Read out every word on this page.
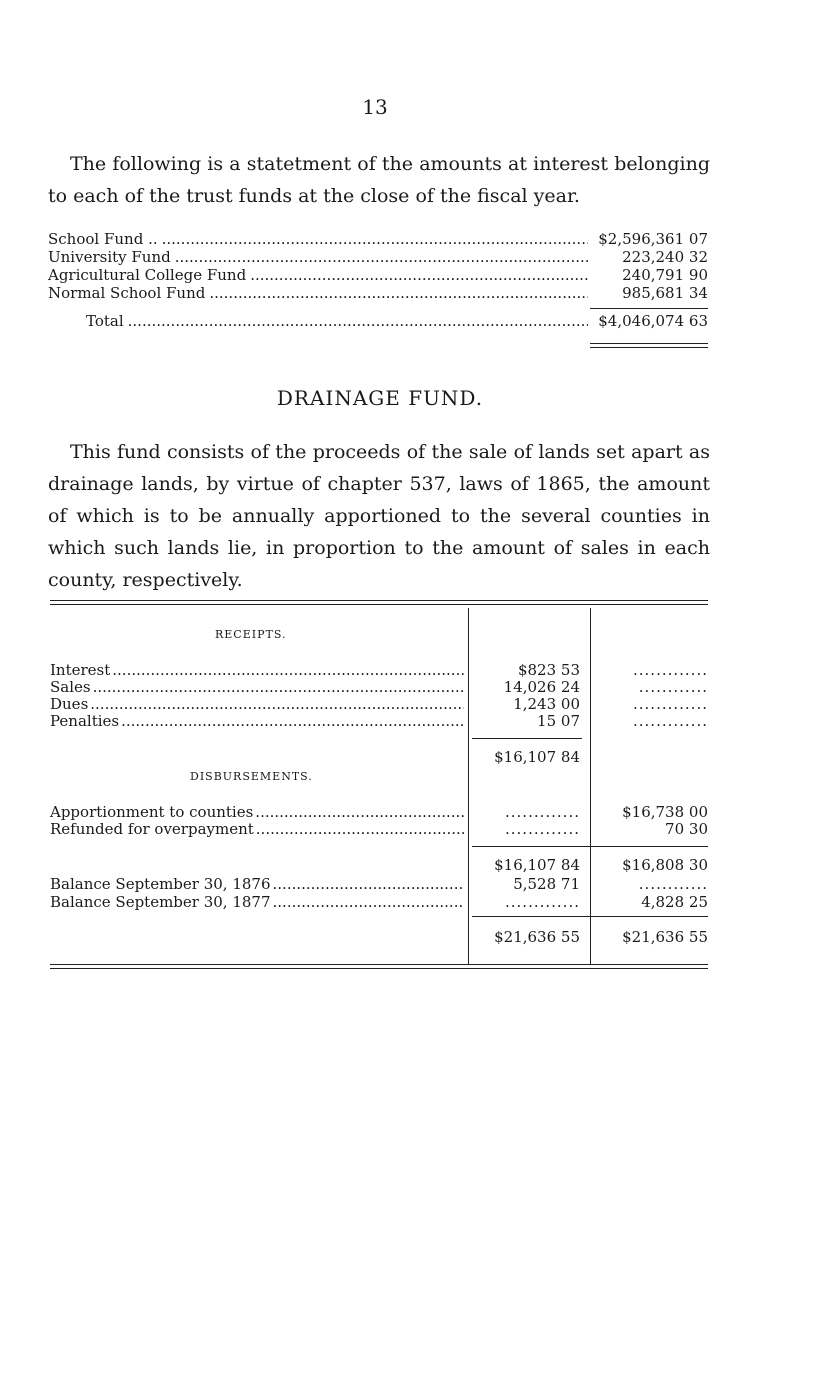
13

The following is a statetment of the amounts at interest belonging to each of the trust funds at the close of the fiscal year.

School Fund .. .....	$2,596,361 07
University Fund .....	223,240 32
Agricultural College Fund .....	240,791 90
Normal School Fund .....	985,681 34
Total .....	$4,046,074 63
DRAINAGE FUND.

This fund consists of the proceeds of the sale of lands set apart as drainage lands, by virtue of chapter 537, laws of 1865, the amount of which is to be annually apportioned to the several counties in which such lands lie, in proportion to the amount of sales in each county, respectively.

RECEIPTS.
Interest .....	$823 53	.............
Sales .....	14,026 24	............
Dues .....	1,243 00	.............
Penalties .....	15 07	.............
$16,107 84
DISBURSEMENTS.
Apportionment to counties .....	.............	$16,738 00
Refunded for overpayment .....	.............	70 30
$16,107 84	$16,808 30
Balance September 30, 1876 .....	5,528 71	............
Balance September 30, 1877 .....	.............	4,828 25
$21,636 55	$21,636 55
